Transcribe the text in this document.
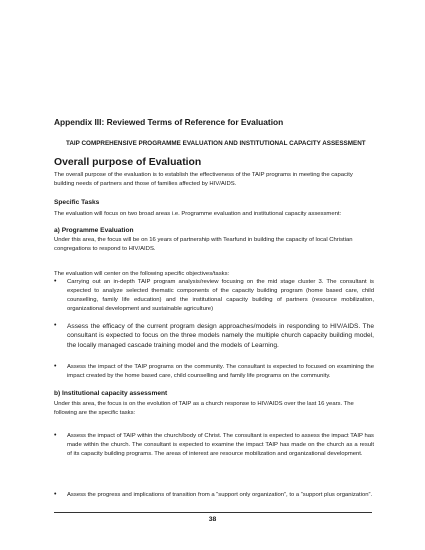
Appendix III: Reviewed Terms of Reference for Evaluation
TAIP COMPREHENSIVE PROGRAMME EVALUATION AND INSTITUTIONAL CAPACITY ASSESSMENT
Overall purpose of Evaluation
The overall purpose of the evaluation is to establish the effectiveness of the TAIP programs in meeting the capacity building needs of partners and those of families affected by HIV/AIDS.
Specific Tasks
The evaluation will focus on two broad areas i.e. Programme evaluation and institutional capacity assessment:
a) Programme Evaluation
Under this area, the focus will be on 16 years of partnership with Tearfund in building the capacity of local Christian congregations to respond to HIV/AIDS.
The evaluation will center on the following specific objectives/tasks:
• Carrying out an in-depth TAIP program analysis/review focusing on the mid stage cluster 3. The consultant is expected to analyze selected thematic components of the capacity building program (home based care, child counselling, family life education) and the institutional capacity building of partners (resource mobilization, organizational development and sustainable agriculture)
• Assess the efficacy of the current program design approaches/models in responding to HIV/AIDS. The consultant is expected to focus on the three models namely the multiple church capacity building model, the locally managed cascade training model and the models of Learning.
• Assess the impact of the TAIP programs on the community. The consultant is expected to focused on examining the impact created by the home based care, child counselling and family life programs on the community.
b) Institutional capacity assessment
Under this area, the focus is on the evolution of TAIP as a church response to HIV/AIDS over the last 16 years. The following are the specific tasks:
• Assess the impact of TAIP within the church/body of Christ. The consultant is expected to assess the impact TAIP has made within the church. The consultant is expected to examine the impact TAIP has made on the church as a result of its capacity building programs. The areas of interest are resource mobilization and organizational development.
• Assess the progress and implications of transition from a “support only organization”, to a “support plus organization”.
38
